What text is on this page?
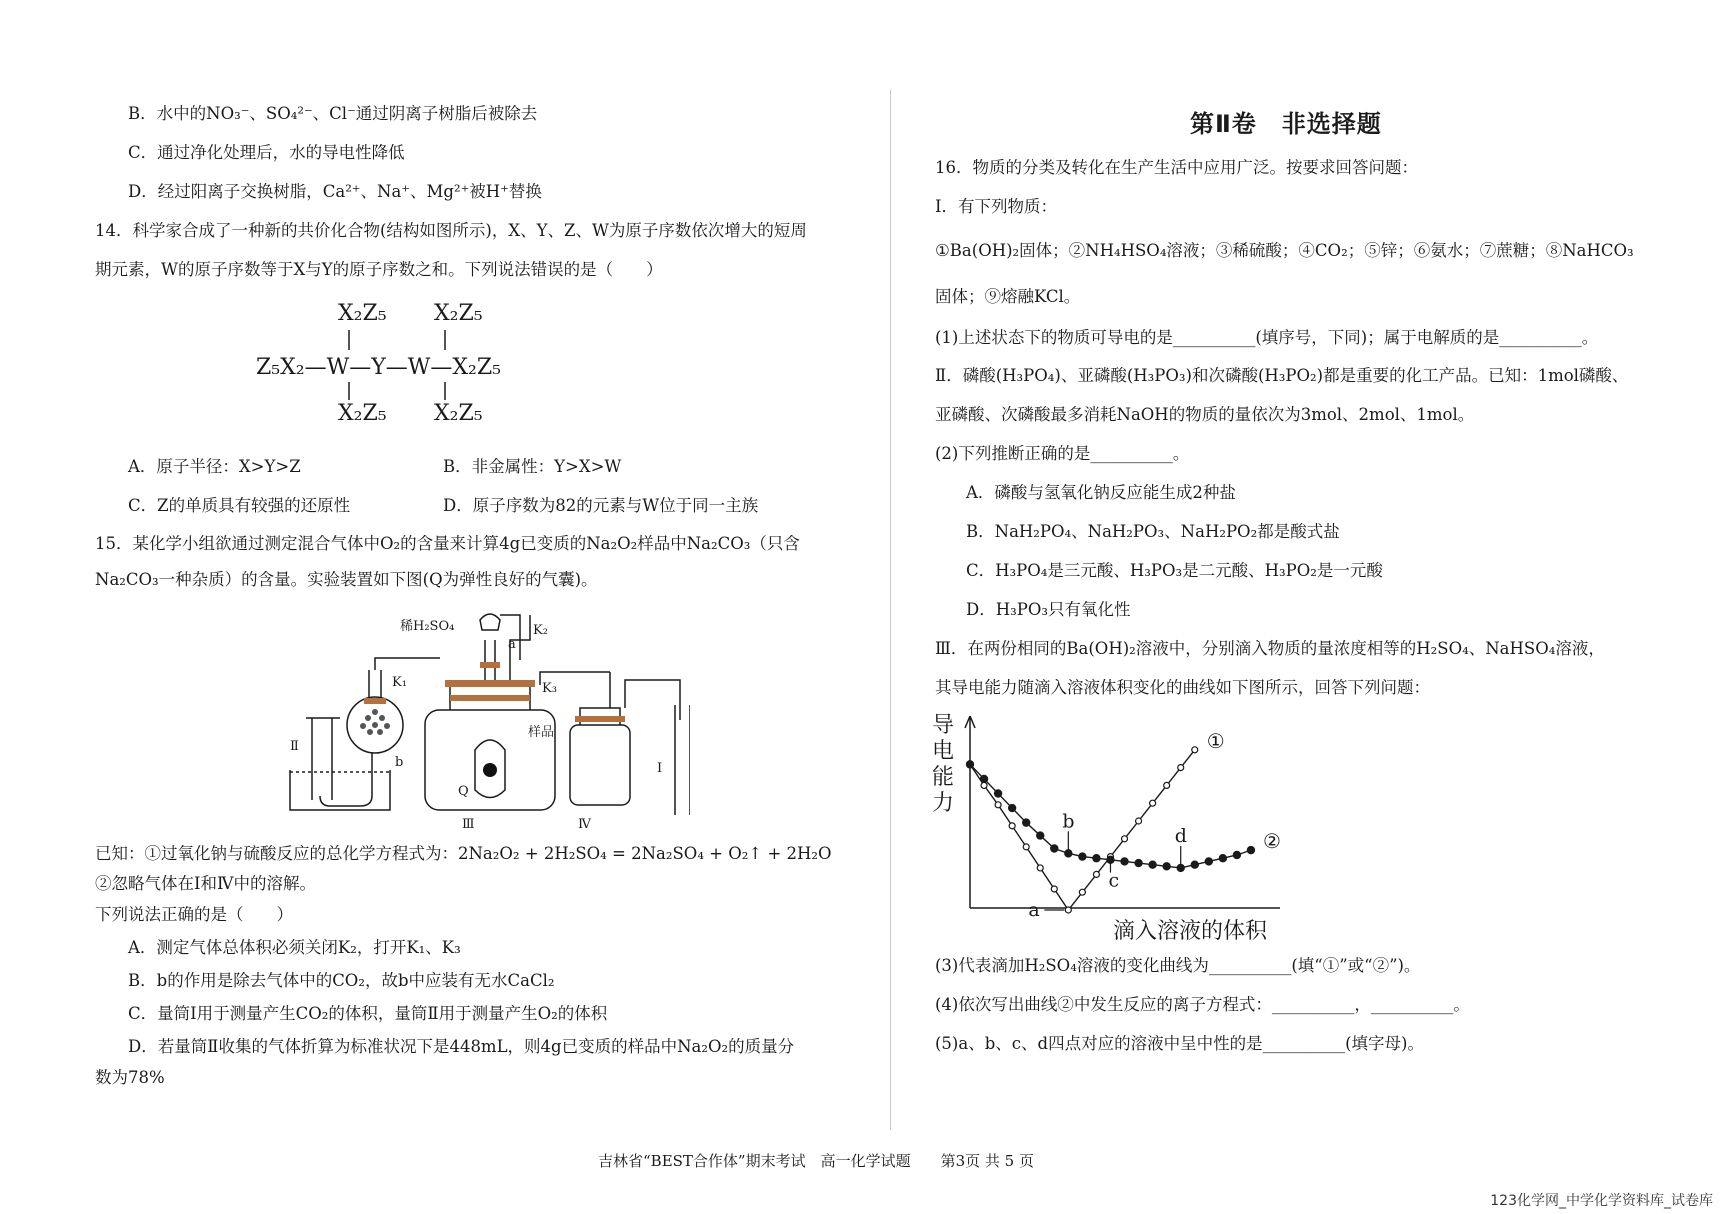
B．水中的NO₃⁻、SO₄²⁻、Cl⁻通过阴离子树脂后被除去
C．通过净化处理后，水的导电性降低
D．经过阳离子交换树脂，Ca²⁺、Na⁺、Mg²⁺被H⁺替换
14．科学家合成了一种新的共价化合物(结构如图所示)，X、Y、Z、W为原子序数依次增大的短周
期元素，W的原子序数等于X与Y的原子序数之和。下列说法错误的是（　　）
X₂Z₅ X₂Z₅
Z₅X₂—W—Y—W—X₂Z₅
X₂Z₅ X₂Z₅
A．原子半径：X>Y>Z	B．非金属性：Y>X>W
C．Z的单质具有较强的还原性	D．原子序数为82的元素与W位于同一主族
15．某化学小组欲通过测定混合气体中O₂的含量来计算4g已变质的Na₂O₂样品中Na₂CO₃（只含
Na₂CO₃一种杂质）的含量。实验装置如下图(Q为弹性良好的气囊)。
稀H₂SO₄
a
K₂
K₁	K₃
样品
b
Q
Ⅱ
Ⅲ	Ⅳ
Ⅰ
已知：①过氧化钠与硫酸反应的总化学方程式为：2Na₂O₂ + 2H₂SO₄ = 2Na₂SO₄ + O₂↑ + 2H₂O
②忽略气体在Ⅰ和Ⅳ中的溶解。
下列说法正确的是（　　）
A．测定气体总体积必须关闭K₂，打开K₁、K₃
B．b的作用是除去气体中的CO₂，故b中应装有无水CaCl₂
C．量筒Ⅰ用于测量产生CO₂的体积，量筒Ⅱ用于测量产生O₂的体积
D．若量筒Ⅱ收集的气体折算为标准状况下是448mL，则4g已变质的样品中Na₂O₂的质量分
数为78%
第Ⅱ卷　非选择题
16．物质的分类及转化在生产生活中应用广泛。按要求回答问题：
Ⅰ．有下列物质：
①Ba(OH)₂固体；②NH₄HSO₄溶液；③稀硫酸；④CO₂；⑤锌；⑥氨水；⑦蔗糖；⑧NaHCO₃
固体；⑨熔融KCl。
(1)上述状态下的物质可导电的是__________(填序号，下同)；属于电解质的是__________。
Ⅱ．磷酸(H₃PO₄)、亚磷酸(H₃PO₃)和次磷酸(H₃PO₂)都是重要的化工产品。已知：1mol磷酸、
亚磷酸、次磷酸最多消耗NaOH的物质的量依次为3mol、2mol、1mol。
(2)下列推断正确的是__________。
A．磷酸与氢氧化钠反应能生成2种盐
B．NaH₂PO₄、NaH₂PO₃、NaH₂PO₂都是酸式盐
C．H₃PO₄是三元酸、H₃PO₃是二元酸、H₃PO₂是一元酸
D．H₃PO₃只有氧化性
Ⅲ．在两份相同的Ba(OH)₂溶液中，分别滴入物质的量浓度相等的H₂SO₄、NaHSO₄溶液，
其导电能力随滴入溶液体积变化的曲线如下图所示，回答下列问题：
导
电
能
力
滴入溶液的体积
①
②
a
b
c
d
(3)代表滴加H₂SO₄溶液的变化曲线为__________(填“①”或“②”)。
(4)依次写出曲线②中发生反应的离子方程式：__________，__________。
(5)a、b、c、d四点对应的溶液中呈中性的是__________(填字母)。
吉林省“BEST合作体”期末考试　高一化学试题　　第3页 共 5 页
123化学网_中学化学资料库_试卷库
